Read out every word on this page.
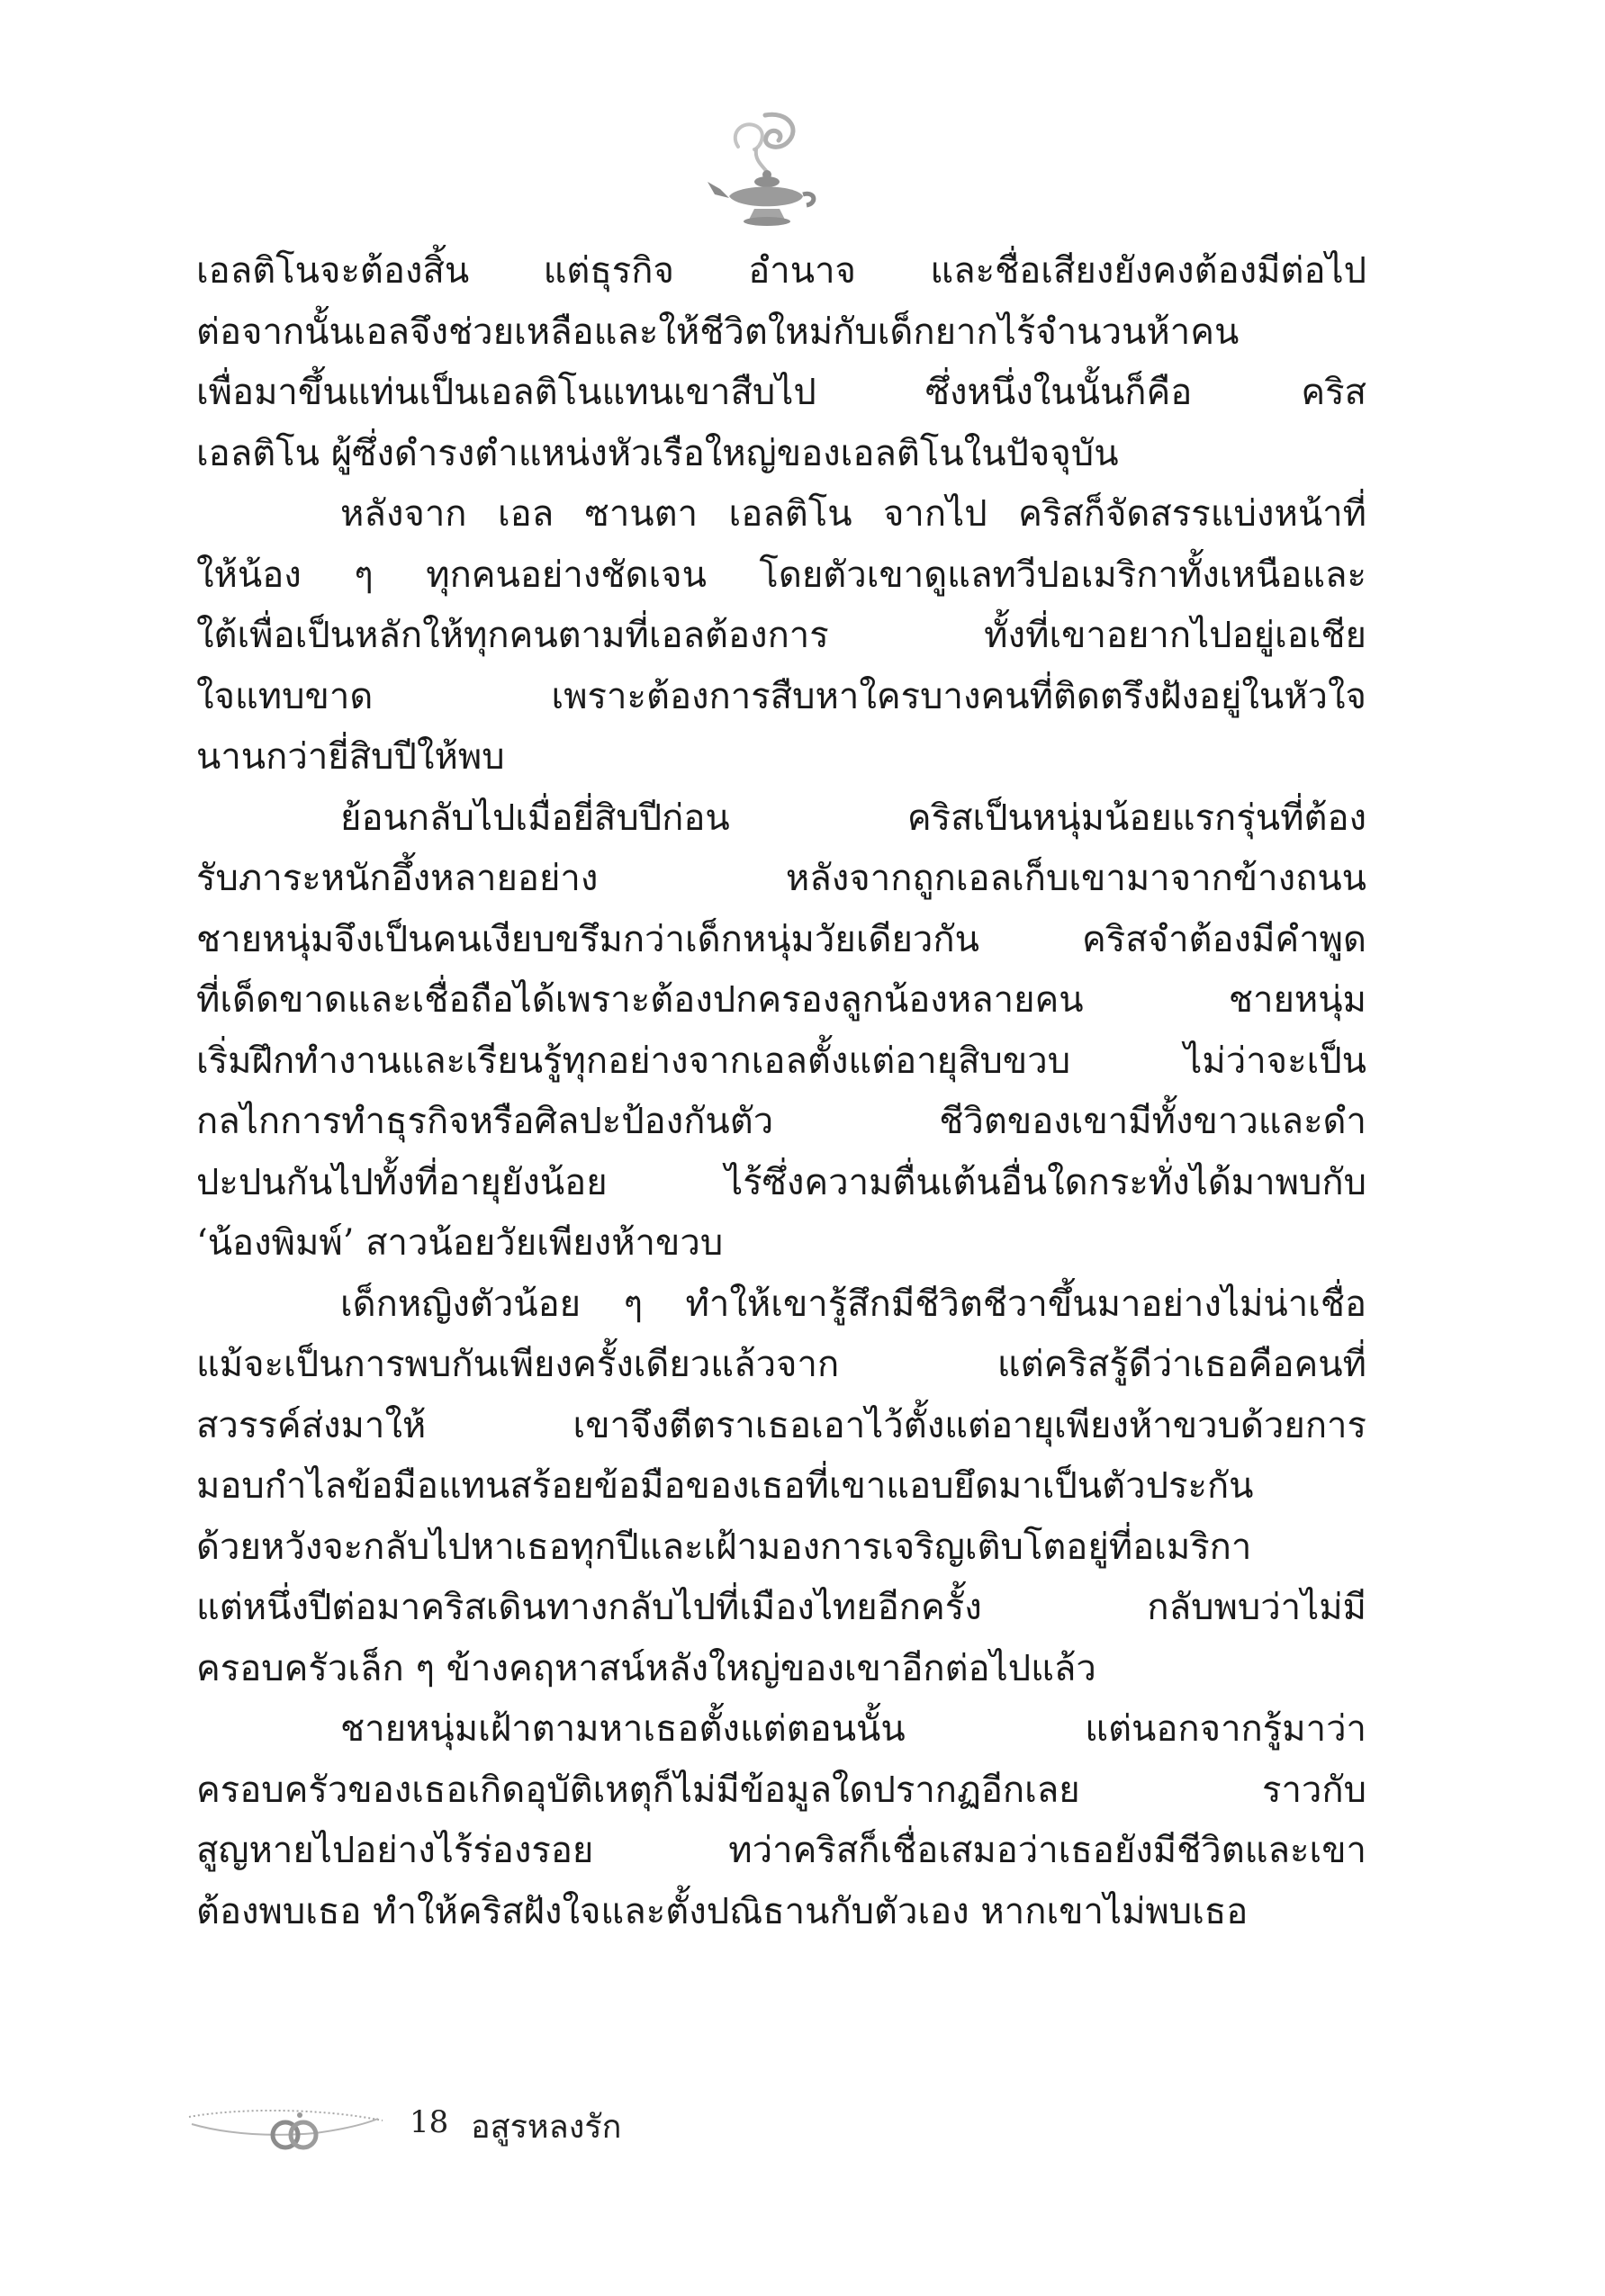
เอลติโนจะต้องสิ้น แต่ธุรกิจ อำนาจ และชื่อเสียงยังคงต้องมีต่อไป
ต่อจากนั้นเอลจึงช่วยเหลือและให้ชีวิตใหม่กับเด็กยากไร้จำนวนห้าคน
เพื่อมาขึ้นแท่นเป็นเอลติโนแทนเขาสืบไป ซึ่งหนึ่งในนั้นก็คือ คริส
เอลติโน ผู้ซึ่งดำรงตำแหน่งหัวเรือใหญ่ของเอลติโนในปัจจุบัน
หลังจาก เอล ซานตา เอลติโน จากไป คริสก็จัดสรรแบ่งหน้าที่
ให้น้อง ๆ ทุกคนอย่างชัดเจน โดยตัวเขาดูแลทวีปอเมริกาทั้งเหนือและ
ใต้เพื่อเป็นหลักให้ทุกคนตามที่เอลต้องการ ทั้งที่เขาอยากไปอยู่เอเชีย
ใจแทบขาด เพราะต้องการสืบหาใครบางคนที่ติดตรึงฝังอยู่ในหัวใจ
นานกว่ายี่สิบปีให้พบ
ย้อนกลับไปเมื่อยี่สิบปีก่อน คริสเป็นหนุ่มน้อยแรกรุ่นที่ต้อง
รับภาระหนักอึ้งหลายอย่าง หลังจากถูกเอลเก็บเขามาจากข้างถนน
ชายหนุ่มจึงเป็นคนเงียบขรึมกว่าเด็กหนุ่มวัยเดียวกัน คริสจำต้องมีคำพูด
ที่เด็ดขาดและเชื่อถือได้เพราะต้องปกครองลูกน้องหลายคน ชายหนุ่ม
เริ่มฝึกทำงานและเรียนรู้ทุกอย่างจากเอลตั้งแต่อายุสิบขวบ ไม่ว่าจะเป็น
กลไกการทำธุรกิจหรือศิลปะป้องกันตัว ชีวิตของเขามีทั้งขาวและดำ
ปะปนกันไปทั้งที่อายุยังน้อย ไร้ซึ่งความตื่นเต้นอื่นใดกระทั่งได้มาพบกับ
‘น้องพิมพ์’ สาวน้อยวัยเพียงห้าขวบ
เด็กหญิงตัวน้อย ๆ ทำให้เขารู้สึกมีชีวิตชีวาขึ้นมาอย่างไม่น่าเชื่อ
แม้จะเป็นการพบกันเพียงครั้งเดียวแล้วจาก แต่คริสรู้ดีว่าเธอคือคนที่
สวรรค์ส่งมาให้ เขาจึงตีตราเธอเอาไว้ตั้งแต่อายุเพียงห้าขวบด้วยการ
มอบกำไลข้อมือแทนสร้อยข้อมือของเธอที่เขาแอบยึดมาเป็นตัวประกัน
ด้วยหวังจะกลับไปหาเธอทุกปีและเฝ้ามองการเจริญเติบโตอยู่ที่อเมริกา
แต่หนึ่งปีต่อมาคริสเดินทางกลับไปที่เมืองไทยอีกครั้ง กลับพบว่าไม่มี
ครอบครัวเล็ก ๆ ข้างคฤหาสน์หลังใหญ่ของเขาอีกต่อไปแล้ว
ชายหนุ่มเฝ้าตามหาเธอตั้งแต่ตอนนั้น แต่นอกจากรู้มาว่า
ครอบครัวของเธอเกิดอุบัติเหตุก็ไม่มีข้อมูลใดปรากฏอีกเลย ราวกับ
สูญหายไปอย่างไร้ร่องรอย ทว่าคริสก็เชื่อเสมอว่าเธอยังมีชีวิตและเขา
ต้องพบเธอ ทำให้คริสฝังใจและตั้งปณิธานกับตัวเอง หากเขาไม่พบเธอ
18 อสูรหลงรัก
